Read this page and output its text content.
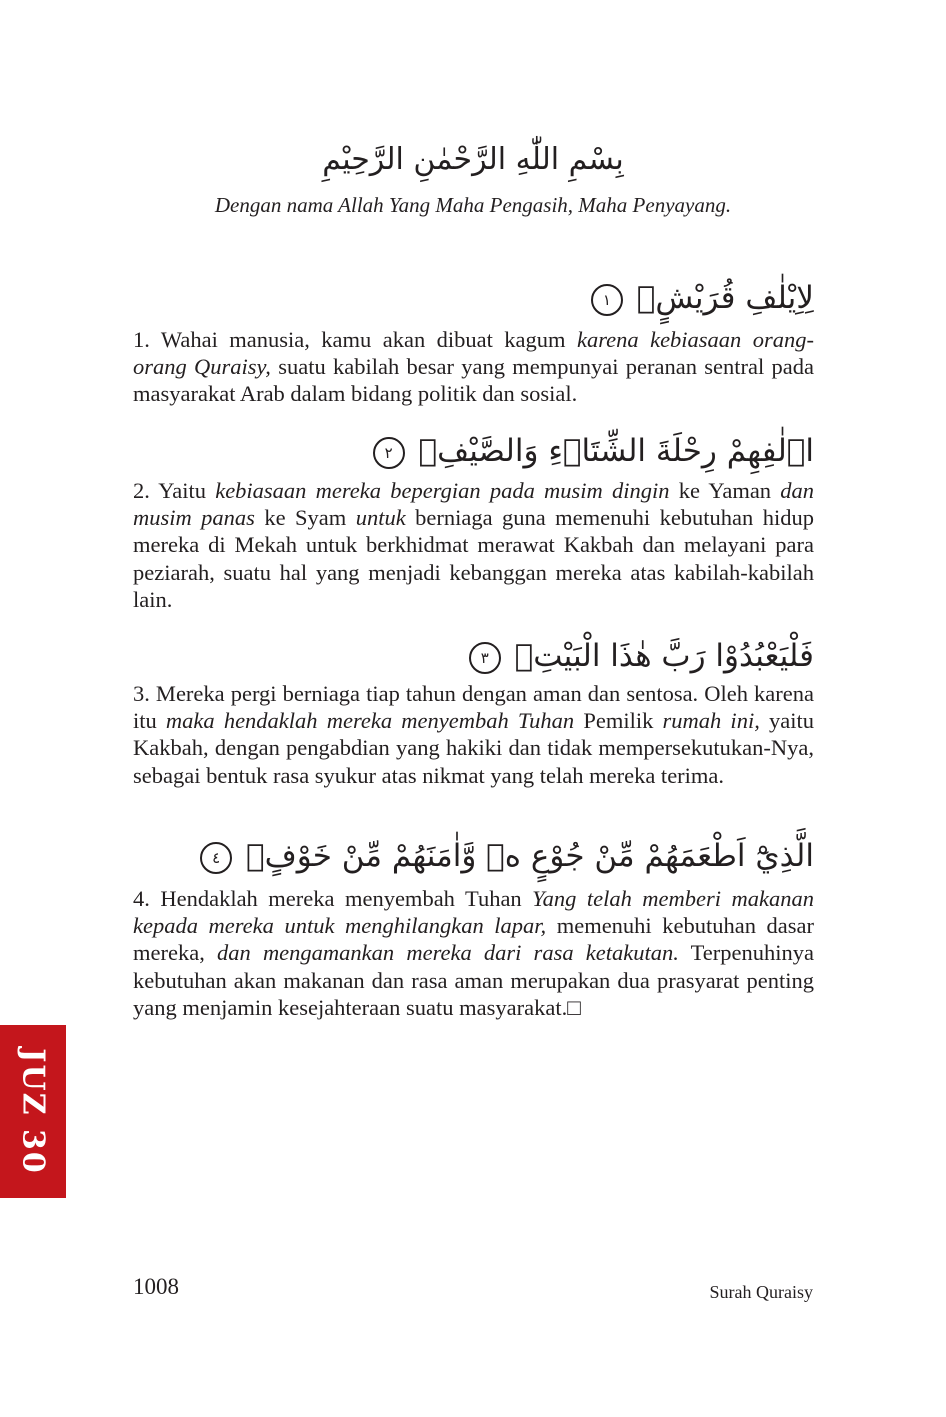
بِسْمِ اللّٰهِ الرَّحْمٰنِ الرَّحِيْمِ
Dengan nama Allah Yang Maha Pengasih, Maha Penyayang.
لِاِيْلٰفِ قُرَيْشٍۙ ١

1. Wahai manusia, kamu akan dibuat kagum karena kebiasaan orang-orang Quraisy, suatu kabilah besar yang mempunyai peranan sentral pada masyarakat Arab dalam bidang politik dan sosial.

اٖلٰفِهِمْ رِحْلَةَ الشِّتَاۤءِ وَالصَّيْفِۚ ٢

2. Yaitu kebiasaan mereka bepergian pada musim dingin ke Yaman dan musim panas ke Syam untuk berniaga guna memenuhi kebutuhan hidup mereka di Mekah untuk berkhidmat merawat Kakbah dan melayani para peziarah, suatu hal yang menjadi kebanggan mereka atas kabilah-kabilah lain.

فَلْيَعْبُدُوْا رَبَّ هٰذَا الْبَيْتِۙ ٣

3. Mereka pergi berniaga tiap tahun dengan aman dan sentosa. Oleh karena itu maka hendaklah mereka menyembah Tuhan Pemilik rumah ini, yaitu Kakbah, dengan pengabdian yang hakiki dan tidak mempersekutukan-Nya, sebagai bentuk rasa syukur atas nikmat yang telah mereka terima.

الَّذِيْٓ اَطْعَمَهُمْ مِّنْ جُوْعٍ ەۙ وَّاٰمَنَهُمْ مِّنْ خَوْفٍۚ ٤

4. Hendaklah mereka menyembah Tuhan Yang telah memberi makanan kepada mereka untuk menghilangkan lapar, memenuhi kebutuhan dasar mereka, dan mengamankan mereka dari rasa ketakutan. Terpenuhinya kebutuhan akan makanan dan rasa aman merupakan dua prasyarat penting yang menjamin kesejahteraan suatu masyarakat.□

JUZ 30
1008	Surah Quraisy
